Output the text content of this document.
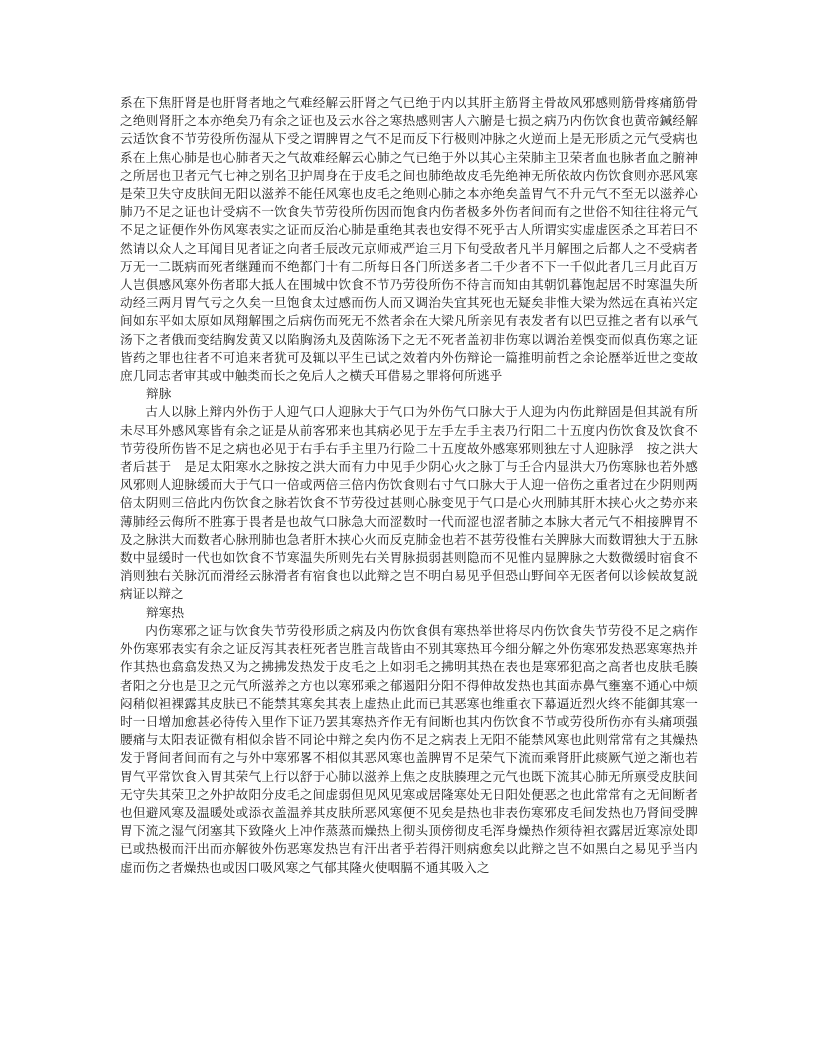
系在下焦肝肾是也肝肾者地之气难经解云肝肾之气已绝于内以其肝主筋肾主骨故风邪感则筋骨疼痛筋骨之绝则肾肝之本亦绝矣乃有余之证也及云水谷之寒热感则害人六腑是七损之病乃内伤饮食也黄帝鍼经解云适饮食不节劳役所伤湿从下受之谓脾胃之气不足而反下行极则冲脉之火逆而上是无形质之元气受病也系在上焦心肺是也心肺者天之气故难经解云心肺之气已绝于外以其心主荣肺主卫荣者血也脉者血之腑神之所居也卫者元气七神之别名卫护周身在于皮毛之间也肺绝故皮毛先绝神无所依故内伤饮食则亦恶风寒是荣卫失守皮肤间无阳以滋养不能任风寒也皮毛之绝则心肺之本亦绝矣盖胃气不升元气不至无以滋养心肺乃不足之证也计受病不一饮食失节劳役所伤因而饱食内伤者极多外伤者间而有之世俗不知往往将元气不足之证便作外伤风寒表实之证而反治心肺是重绝其表也安得不死乎古人所谓实实虚虚医杀之耳若曰不然请以众人之耳闻目见者证之向者壬辰改元京师戒严迨三月下旬受敌者凡半月解围之后都人之不受病者万无一二既病而死者继踵而不绝都门十有二所每日各门所送多者二千少者不下一千似此者几三月此百万人岂俱感风寒外伤者耶大抵人在围城中饮食不节乃劳役所伤不待言而知由其朝饥暮饱起居不时寒温失所动经三两月胃气亏之久矣一旦饱食太过感而伤人而又调治失宜其死也无疑矣非惟大梁为然远在真祐兴定间如东平如太原如凤翔解围之后病伤而死无不然者余在大梁凡所亲见有表发者有以巴豆推之者有以承气汤下之者俄而变结胸发黄又以陷胸汤丸及茵陈汤下之无不死者盖初非伤寒以调治差悞变而似真伤寒之证皆药之罪也往者不可追来者犹可及辄以平生已试之效着内外伤辩论一篇推明前哲之余论歴举近世之变故庶几同志者审其或中触类而长之免后人之横夭耳借易之罪将何所逃乎

辩脉

古人以脉上辩内外伤于人迎气口人迎脉大于气口为外伤气口脉大于人迎为内伤此辩固是但其説有所未尽耳外感风寒皆有余之证是从前客邪来也其病必见于左手左手主表乃行阳二十五度内伤饮食及饮食不节劳役所伤皆不足之病也必见于右手右手主里乃行险二十五度故外感寒邪则独左寸人迎脉浮　按之洪大　者后甚于　是足太阳寒水之脉按之洪大而有力中见手少阴心火之脉丁与壬合内显洪大乃伤寒脉也若外感风邪则人迎脉缓而大于气口一倍或两倍三倍内伤饮食则右寸气口脉大于人迎一倍伤之重者过在少阴则两倍太阴则三倍此内伤饮食之脉若饮食不节劳役过甚则心脉变见于气口是心火刑肺其肝木挟心火之势亦来薄肺经云侮所不胜寡于畏者是也故气口脉急大而涩数时一代而涩也涩者肺之本脉大者元气不相接脾胃不及之脉洪大而数者心脉刑肺也急者肝木挟心火而反克肺金也若不甚劳役惟右关脾脉大而数谓独大于五脉数中显缓时一代也如饮食不节寒温失所则先右关胃脉损弱甚则隐而不见惟内显脾脉之大数微缓时宿食不消则独右关脉沉而滑经云脉滑者有宿食也以此辩之岂不明白易见乎但恐山野间卒无医者何以诊候故复説病证以辩之

辩寒热

内伤寒邪之证与饮食失节劳役形质之病及内伤饮食俱有寒热举世将尽内伤饮食失节劳役不足之病作外伤寒邪表实有余之证反泻其表枉死者岂胜言哉皆由不别其寒热耳今细分解之外伤寒邪发热恶寒寒热并作其热也翕翕发热又为之拂拂发热发于皮毛之上如羽毛之拂明其热在表也是寒邪犯高之高者也皮肤毛腠者阳之分也是卫之元气所滋养之方也以寒邪乘之郁遏阳分阳不得伸故发热也其面赤鼻气壅塞不通心中烦闷稍似袒裸露其皮肤已不能禁其寒矣其表上虚热止此而已其恶寒也维重衣下幕逼近烈火终不能御其寒一时一日增加愈甚必待传入里作下证乃罢其寒热齐作无有间断也其内伤饮食不节或劳役所伤亦有头痛项强腰痛与太阳表证微有相似余皆不同论中辩之矣内伤不足之病表上无阳不能禁风寒也此则常常有之其燥热发于肾间者间而有之与外中寒邪畧不相似其恶风寒也盖脾胃不足荣气下流而乘肾肝此痰厥气逆之渐也若胃气平常饮食入胃其荣气上行以舒于心肺以滋养上焦之皮肤腠理之元气也既下流其心肺无所禀受皮肤间无守失其荣卫之外护故阳分皮毛之间虚弱但见风见寒或居隆寒处无日阳处便恶之也此常常有之无间断者也但避风寒及温暖处或添衣盖温养其皮肤所恶风寒便不见矣是热也非表伤寒邪皮毛间发热也乃肾间受脾胃下流之湿气闭塞其下致隆火上冲作蒸蒸而燥热上彻头顶傍彻皮毛浑身燥热作须待袒衣露居近寒凉处即已或热极而汗出而亦解彼外伤恶寒发热岂有汗出者乎若得汗则病愈矣以此辩之岂不如黑白之易见乎当内虚而伤之者燥热也或因口吸风寒之气郁其隆火使咽膈不通其吸入之
